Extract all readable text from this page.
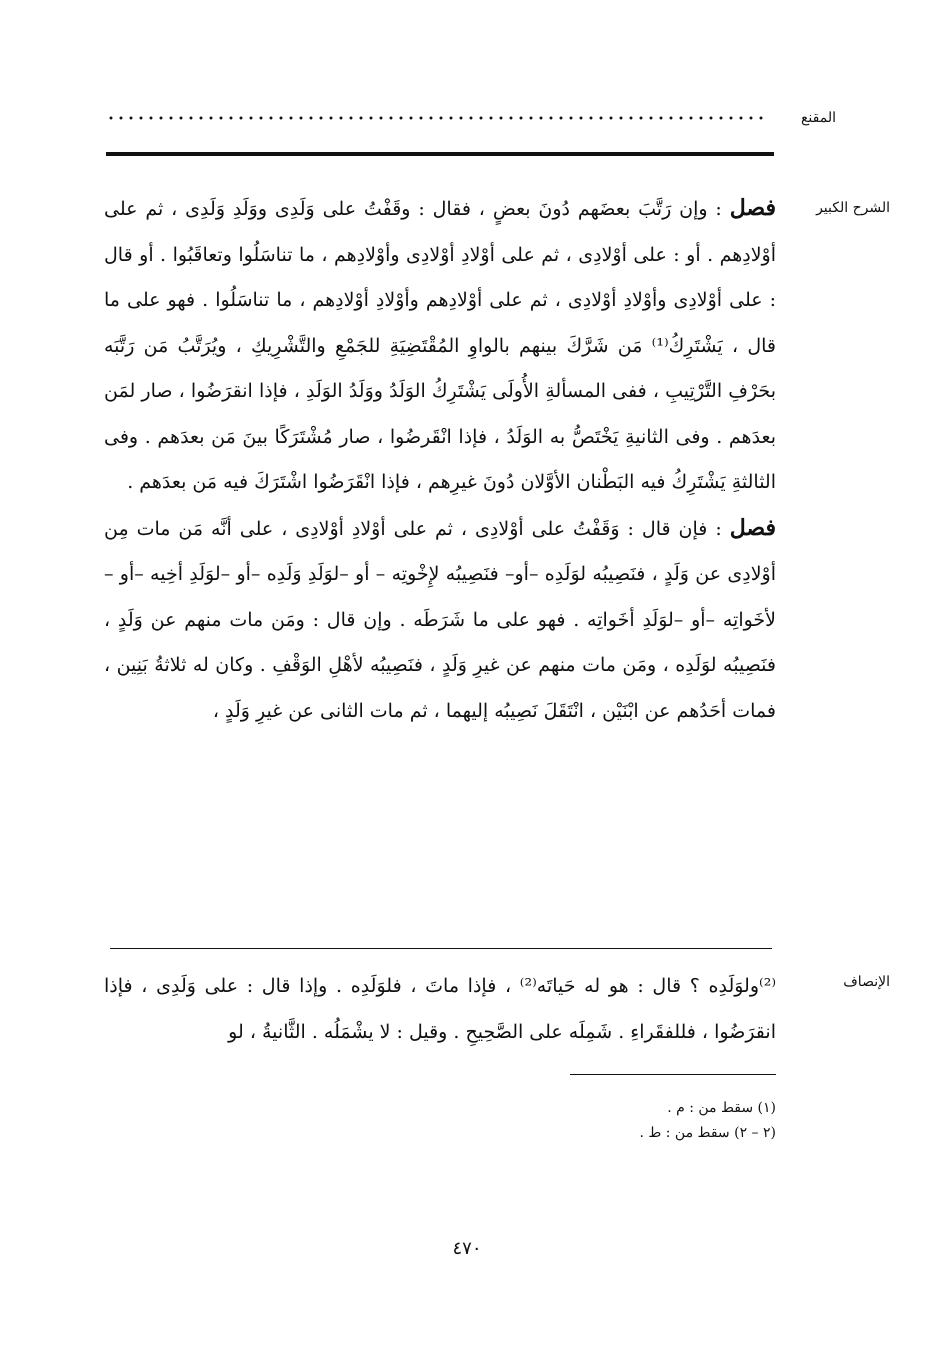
المقنع
الشرح الكبير

فصل : وإن رَتَّبَ بعضَهم دُونَ بعضٍ ، فقال : وقَفْتُ على وَلَدِى ووَلَدِ وَلَدِى ، ثم على أوْلادِهم . أو : على أوْلادِى ، ثم على أوْلادِ أوْلادِى وأوْلادِهم ، ما تناسَلُوا وتعاقَبُوا . أو قال : على أوْلادِى وأوْلادِ أوْلادِى ، ثم على أوْلادِهم وأوْلادِ أوْلادِهم ، ما تناسَلُوا . فهو على ما قال ، يَشْتَرِكُ⁽¹⁾ مَن شَرَّكَ بينهم بالواوِ المُقْتَضِيَةِ للجَمْعِ والتَّشْرِيكِ ، ويُرَتَّبُ مَن رَتَّبَه بحَرْفِ التَّرْتِيبِ ، ففى المسألةِ الأُولَى يَشْتَرِكُ الوَلَدُ ووَلَدُ الوَلَدِ ، فإذا انقرَضُوا ، صار لمَن بعدَهم . وفى الثانيةِ يَخْتَصُّ به الوَلَدُ ، فإذا انْقَرضُوا ، صار مُشْتَرَكًا بينَ مَن بعدَهم . وفى الثالثةِ يَشْتَرِكُ فيه البَطْنان الأوَّلان دُونَ غيرِهم ، فإذا انْقَرَضُوا اشْتَرَكَ فيه مَن بعدَهم .

فصل : فإن قال : وَقَفْتُ على أوْلادِى ، ثم على أوْلادِ أوْلادِى ، على أنَّه مَن مات مِن أوْلادِى عن وَلَدٍ ، فنَصِيبُه لوَلَدِه –أو– فنَصِيبُه لإِخْوتِه – أو –لوَلَدِ وَلَدِه –أو –لوَلَدِ أخِيه –أو –لأخَواتِه –أو –لوَلَدِ أخَواتِه . فهو على ما شَرَطَه . وإن قال : ومَن مات منهم عن وَلَدٍ ، فنَصِيبُه لوَلَدِه ، ومَن مات منهم عن غيرِ وَلَدٍ ، فنَصِيبُه لأهْلِ الوَقْفِ . وكان له ثلاثةُ بَنِين ، فمات أحَدُهم عن ابْنَيْن ، انْتَقَلَ نَصِيبُه إليهما ، ثم مات الثانى عن غيرِ وَلَدٍ ،

الإنصاف

⁽²⁾ولوَلَدِه ؟ قال : هو له حَياتَه⁽²⁾ ، فإذا ماتَ ، فلوَلَدِه . وإذا قال : على وَلَدِى ، فإذا انقرَضُوا ، فللفقَراءِ . شَمِلَه على الصَّحِيحِ . وقيل : لا يشْمَلُه . الثَّانيةُ ، لو

(١) سقط من : م .
(٢ – ٢) سقط من : ط .
٤٧٠
